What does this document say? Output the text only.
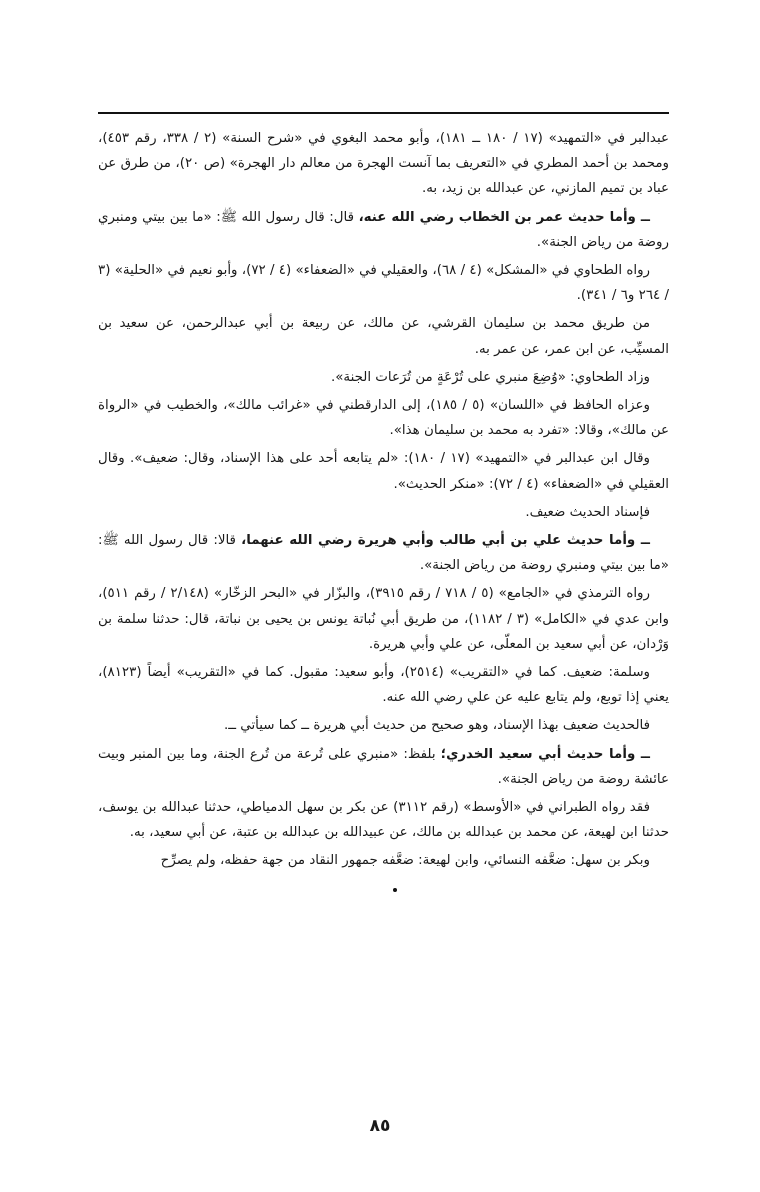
عبدالبر في «التمهيد» (١٧ / ١٨٠ ــ ١٨١)، وأبو محمد البغوي في «شرح السنة» (٢ / ٣٣٨، رقم ٤٥٣)، ومحمد بن أحمد المطري في «التعريف بما آنست الهجرة من معالم دار الهجرة» (ص ٢٠)، من طرق عن عباد بن تميم المازني، عن عبدالله بن زيد، به.

ــ وأما حديث عمر بن الخطاب رضي الله عنه، قال: قال رسول الله ﷺ: «ما بين بيتي ومنبري روضة من رياض الجنة».

رواه الطحاوي في «المشكل» (٤ / ٦٨)، والعقيلي في «الضعفاء» (٤ / ٧٢)، وأبو نعيم في «الحلية» (٣ / ٢٦٤ و٦ / ٣٤١).

من طريق محمد بن سليمان القرشي، عن مالك، عن ربيعة بن أبي عبدالرحمن، عن سعيد بن المسيِّب، عن ابن عمر، عن عمر به.

وزاد الطحاوي: «وُضِعَ منبري على تُرْعَةٍ من تُرَعات الجنة».

وعزاه الحافظ في «اللسان» (٥ / ١٨٥)، إلى الدارقطني في «غرائب مالك»، والخطيب في «الرواة عن مالك»، وقالا: «تفرد به محمد بن سليمان هذا».

وقال ابن عبدالبر في «التمهيد» (١٧ / ١٨٠): «لم يتابعه أحد على هذا الإسناد، وقال: ضعيف». وقال العقيلي في «الضعفاء» (٤ / ٧٢): «منكر الحديث».

فإسناد الحديث ضعيف.

ــ وأما حديث علي بن أبي طالب وأبي هريرة رضي الله عنهما، قالا: قال رسول الله ﷺ: «ما بين بيتي ومنبري روضة من رياض الجنة».

رواه الترمذي في «الجامع» (٥ / ٧١٨ / رقم ٣٩١٥)، والبزّار في «البحر الزخّار» (٢/١٤٨ / رقم ٥١١)، وابن عدي في «الكامل» (٣ / ١١٨٢)، من طريق أبي نُباتة يونس بن يحيى بن نباتة، قال: حدثنا سلمة بن وَرْدان، عن أبي سعيد بن المعلّى، عن علي وأبي هريرة.

وسلمة: ضعيف. كما في «التقريب» (٢٥١٤)، وأبو سعيد: مقبول. كما في «التقريب» أيضاً (٨١٢٣)، يعني إذا توبع، ولم يتابع عليه عن علي رضي الله عنه.

فالحديث ضعيف بهذا الإسناد، وهو صحيح من حديث أبي هريرة ــ كما سيأتي ــ.

ــ وأما حديث أبي سعيد الخدري؛ بلفظ: «منبري على تُرعة من تُرع الجنة، وما بين المنبر وبيت عائشة روضة من رياض الجنة».

فقد رواه الطبراني في «الأوسط» (رقم ٣١١٢) عن بكر بن سهل الدمياطي، حدثنا عبدالله بن يوسف، حدثنا ابن لهيعة، عن محمد بن عبدالله بن مالك، عن عبيدالله بن عبدالله بن عتبة، عن أبي سعيد، به.

وبكر بن سهل: ضعَّفه النسائي، وابن لهيعة: ضعَّفه جمهور النقاد من جهة حفظه، ولم يصرِّح

٨٥
